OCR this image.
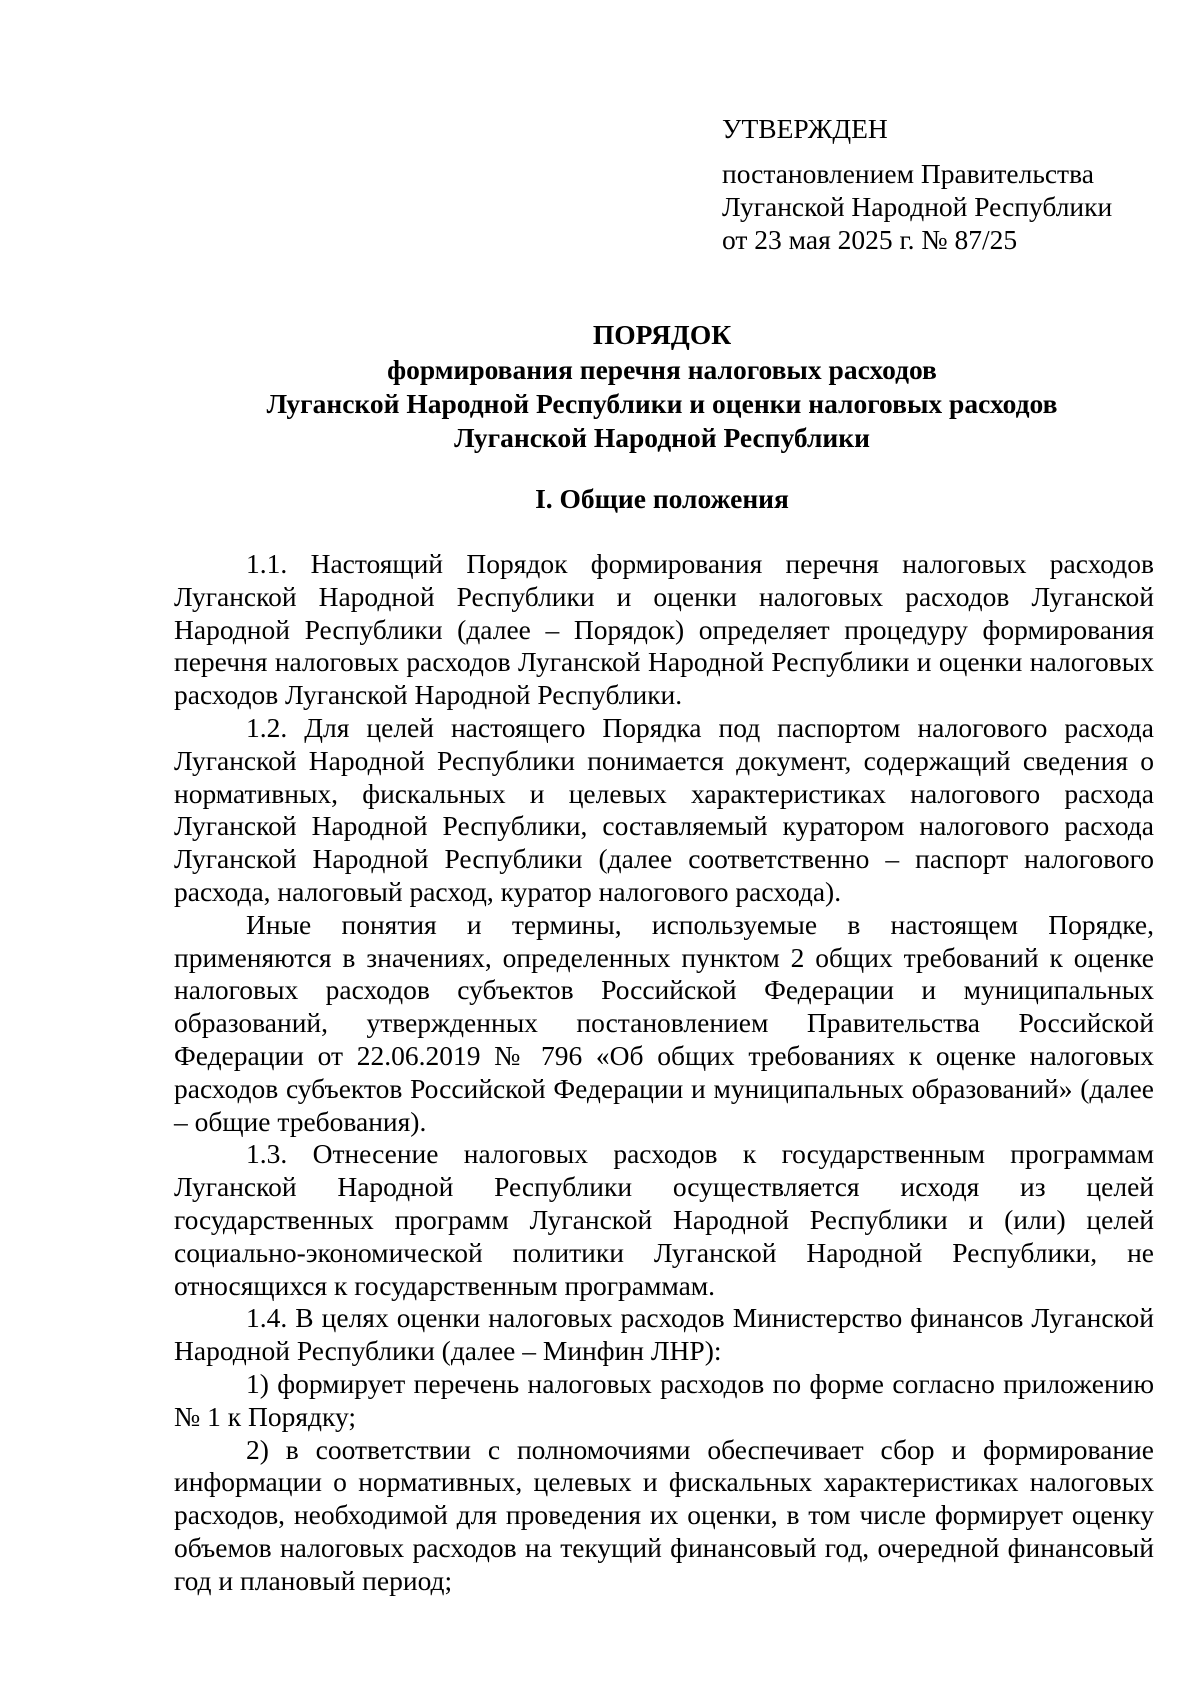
УТВЕРЖДЕН
постановлением Правительства
Луганской Народной Республики
от 23 мая 2025 г. № 87/25
ПОРЯДОК
формирования перечня налоговых расходов
Луганской Народной Республики и оценки налоговых расходов
Луганской Народной Республики
I. Общие положения

1.1. Настоящий Порядок формирования перечня налоговых расходов Луганской Народной Республики и оценки налоговых расходов Луганской Народной Республики (далее – Порядок) определяет процедуру формирования перечня налоговых расходов Луганской Народной Республики и оценки налоговых расходов Луганской Народной Республики.

1.2. Для целей настоящего Порядка под паспортом налогового расхода Луганской Народной Республики понимается документ, содержащий сведения о нормативных, фискальных и целевых характеристиках налогового расхода Луганской Народной Республики, составляемый куратором налогового расхода Луганской Народной Республики (далее соответственно – паспорт налогового расхода, налоговый расход, куратор налогового расхода).

Иные понятия и термины, используемые в настоящем Порядке, применяются в значениях, определенных пунктом 2 общих требований к оценке налоговых расходов субъектов Российской Федерации и муниципальных образований, утвержденных постановлением Правительства Российской Федерации от 22.06.2019 № 796 «Об общих требованиях к оценке налоговых расходов субъектов Российской Федерации и муниципальных образований» (далее – общие требования).

1.3. Отнесение налоговых расходов к государственным программам Луганской Народной Республики осуществляется исходя из целей государственных программ Луганской Народной Республики и (или) целей социально-экономической политики Луганской Народной Республики, не относящихся к государственным программам.

1.4. В целях оценки налоговых расходов Министерство финансов Луганской Народной Республики (далее – Минфин ЛНР):

1) формирует перечень налоговых расходов по форме согласно приложению № 1 к Порядку;

2) в соответствии с полномочиями обеспечивает сбор и формирование информации о нормативных, целевых и фискальных характеристиках налоговых расходов, необходимой для проведения их оценки, в том числе формирует оценку объемов налоговых расходов на текущий финансовый год, очередной финансовый год и плановый период;
